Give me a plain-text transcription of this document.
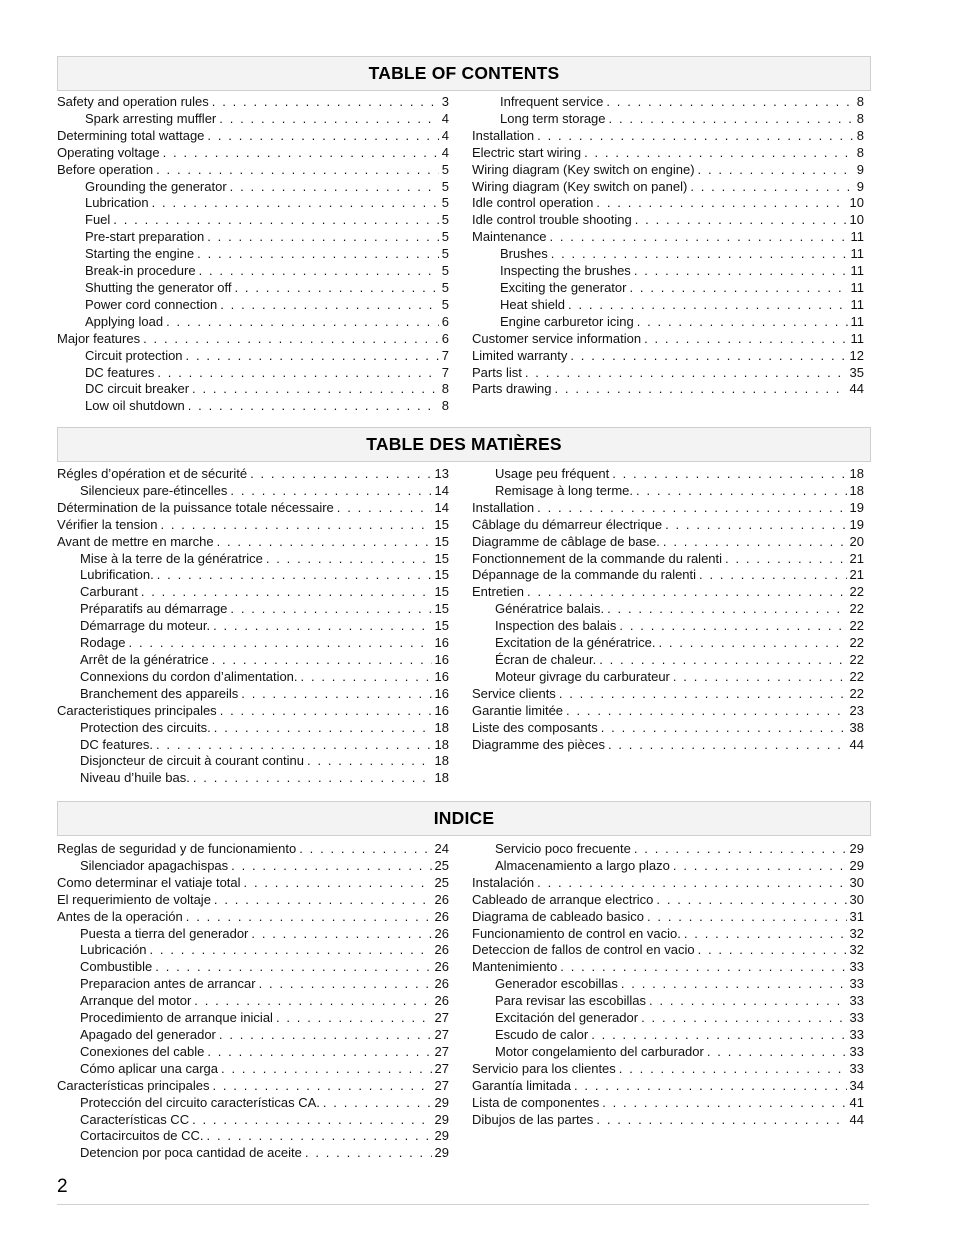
TABLE OF CONTENTS
TABLE DES MATIÈRES
INDICE
Safety and operation rules . . .	3
Spark arresting muffler . . .	4
Determining total wattage . . .	4
Operating voltage . . .	4
Before operation . . .	5
Grounding the generator . . .	5
Lubrication . . .	5
Fuel . . .	5
Pre-start preparation . . .	5
Starting the engine . . .	5
Break-in procedure . . .	5
Shutting the generator off . . .	5
Power cord connection . . .	5
Applying load . . .	6
Major features . . .	6
Circuit protection . . .	7
DC features . . .	7
DC circuit breaker . . .	8
Low oil shutdown . . .	8
Infrequent service . . .	8
Long term storage . . .	8
Installation . . .	8
Electric start wiring . . .	8
Wiring diagram (Key switch on engine) . . .	9
Wiring diagram (Key switch on panel) . . .	9
Idle control operation . . .	10
Idle control trouble shooting . . .	10
Maintenance . . .	11
Brushes . . .	11
Inspecting the brushes . . .	11
Exciting the generator . . .	11
Heat shield . . .	11
Engine carburetor icing . . .	11
Customer service information . . .	11
Limited warranty . . .	12
Parts list . . .	35
Parts drawing . . .	44
Régles d’opération et de sécurité . . .	13
Silencieux pare-étincelles . . .	14
Détermination de la puissance totale nécessaire . . .	14
Vérifier la tension . . .	15
Avant de mettre en marche . . .	15
Mise à la terre de la génératrice . . .	15
Lubrification. . . .	15
Carburant . . .	15
Préparatifs au démarrage . . .	15
Démarrage du moteur. . . .	15
Rodage . . .	16
Arrêt de la génératrice . . .	16
Connexions du cordon d’alimentation. . . .	16
Branchement des appareils . . .	16
Caracteristiques principales . . .	16
Protection des circuits. . . .	18
DC features. . . .	18
Disjoncteur de circuit à courant continu . . .	18
Niveau d’huile bas. . . .	18
Usage peu fréquent . . .	18
Remisage à long terme. . . .	18
Installation . . .	19
Câblage du démarreur électrique . . .	19
Diagramme de câblage de base. . . .	20
Fonctionnement de la commande du ralenti . . .	21
Dépannage de la commande du ralenti . . .	21
Entretien . . .	22
Génératrice balais. . . .	22
Inspection des balais . . .	22
Excitation de la génératrice. . . .	22
Écran de chaleur. . . .	22
Moteur givrage du carburateur . . .	22
Service clients . . .	22
Garantie limitée . . .	23
Liste des composants . . .	38
Diagramme des pièces . . .	44
Reglas de seguridad y de funcionamiento . . .	24
Silenciador apagachispas . . .	25
Como determinar el vatiaje total . . .	25
El requerimiento de voltaje . . .	26
Antes de la operación . . .	26
Puesta a tierra del generador . . .	26
Lubricación . . .	26
Combustible . . .	26
Preparacion antes de arrancar . . .	26
Arranque del motor . . .	26
Procedimiento de arranque inicial . . .	27
Apagado del generador . . .	27
Conexiones del cable . . .	27
Cómo aplicar una carga . . .	27
Características principales . . .	27
Protección del circuito características CA. . . .	29
Características CC . . .	29
Cortacircuitos de CC. . . .	29
Detencion por poca cantidad de aceite . . .	29
Servicio poco frecuente . . .	29
Almacenamiento a largo plazo . . .	29
Instalación . . .	30
Cableado de arranque electrico . . .	30
Diagrama de cableado basico . . .	31
Funcionamiento de control en vacio. . . .	32
Deteccion de fallos de control en vacio . . .	32
Mantenimiento . . .	33
Generador escobillas . . .	33
Para revisar las escobillas . . .	33
Excitación del generador . . .	33
Escudo de calor . . .	33
Motor congelamiento del carburador . . .	33
Servicio para los clientes . . .	33
Garantía limitada . . .	34
Lista de componentes . . .	41
Dibujos de las partes . . .	44
2
